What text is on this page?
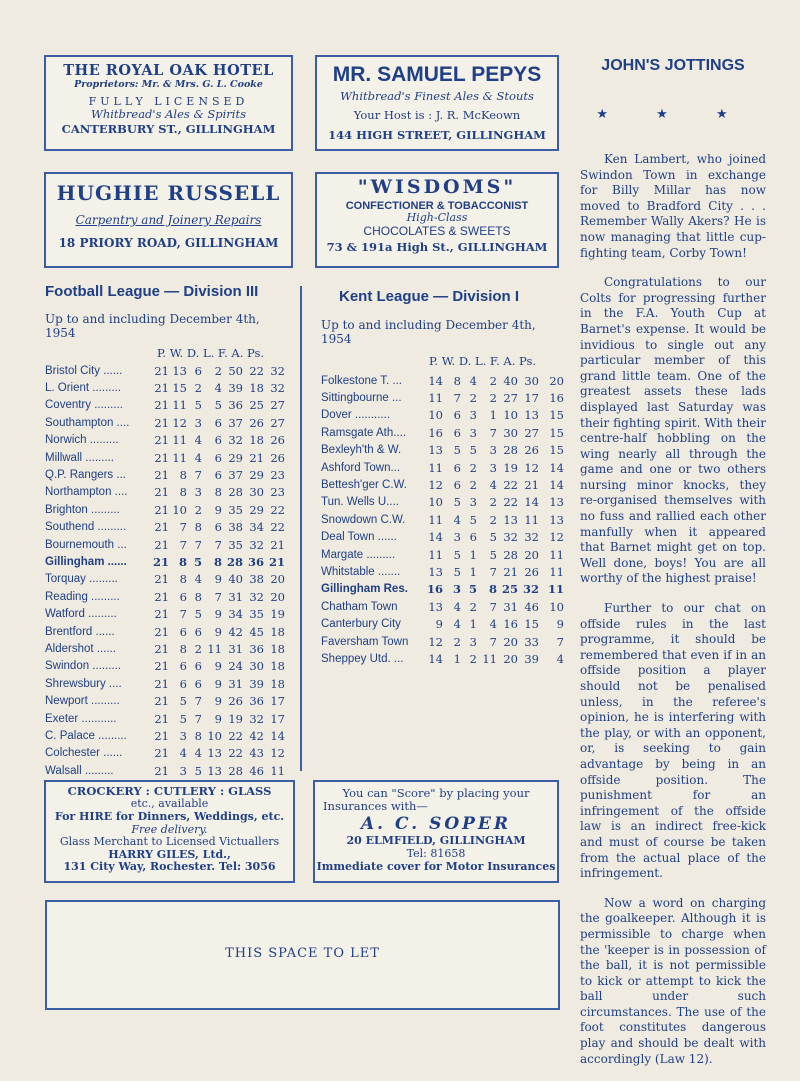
THE ROYAL OAK HOTEL
Proprietors: Mr. & Mrs. G. L. Cooke
FULLY LICENSED
Whitbread's Ales & Spirits
CANTERBURY ST., GILLINGHAM
MR. SAMUEL PEPYS
Whitbread's Finest Ales & Stouts
Your Host is : J. R. McKeown
144 HIGH STREET, GILLINGHAM
HUGHIE RUSSELL
Carpentry and Joinery Repairs
18 PRIORY ROAD, GILLINGHAM
"WISDOMS"
CONFECTIONER & TOBACCONIST
High-Class
CHOCOLATES & SWEETS
73 & 191a High St., GILLINGHAM
Football League — Division III
Up to and including December 4th, 1954
P. W. D. L. F. A. Ps.
Bristol City ......	21	13	6	2	50	22	32
L. Orient .........	21	15	2	4	39	18	32
Coventry .........	21	11	5	5	36	25	27
Southampton ....	21	12	3	6	37	26	27
Norwich .........	21	11	4	6	32	18	26
Millwall .........	21	11	4	6	29	21	26
Q.P. Rangers ...	21	8	7	6	37	29	23
Northampton ....	21	8	3	8	28	30	23
Brighton .........	21	10	2	9	35	29	22
Southend .........	21	7	8	6	38	34	22
Bournemouth ...	21	7	7	7	35	32	21
Gillingham ......	21	8	5	8	28	36	21
Torquay .........	21	8	4	9	40	38	20
Reading .........	21	6	8	7	31	32	20
Watford .........	21	7	5	9	34	35	19
Brentford ......	21	6	6	9	42	45	18
Aldershot ......	21	8	2	11	31	36	18
Swindon .........	21	6	6	9	24	30	18
Shrewsbury ....	21	6	6	9	31	39	18
Newport .........	21	5	7	9	26	36	17
Exeter ...........	21	5	7	9	19	32	17
C. Palace .........	21	3	8	10	22	42	14
Colchester ......	21	4	4	13	22	43	12
Walsall .........	21	3	5	13	28	46	11
Kent League — Division I
Up to and including December 4th, 1954
P. W. D. L. F. A. Ps.
Folkestone T. ...	14	8	4	2	40	30	20
Sittingbourne ...	11	7	2	2	27	17	16
Dover ...........	10	6	3	1	10	13	15
Ramsgate Ath....	16	6	3	7	30	27	15
Bexleyh'th & W.	13	5	5	3	28	26	15
Ashford Town...	11	6	2	3	19	12	14
Bettesh'ger C.W.	12	6	2	4	22	21	14
Tun. Wells U....	10	5	3	2	22	14	13
Snowdown C.W.	11	4	5	2	13	11	13
Deal Town ......	14	3	6	5	32	32	12
Margate .........	11	5	1	5	28	20	11
Whitstable .......	13	5	1	7	21	26	11
Gillingham Res.	16	3	5	8	25	32	11
Chatham Town	13	4	2	7	31	46	10
Canterbury City	9	4	1	4	16	15	9
Faversham Town	12	2	3	7	20	33	7
Sheppey Utd. ...	14	1	2	11	20	39	4
CROCKERY : CUTLERY : GLASS
etc., available
For HIRE for Dinners, Weddings, etc.
Free delivery.
Glass Merchant to Licensed Victuallers
HARRY GILES, Ltd.,
131 City Way, Rochester. Tel: 3056
You can "Score" by placing your
Insurances with—
A. C. SOPER
20 ELMFIELD, GILLINGHAM
Tel: 81658
Immediate cover for Motor Insurances
THIS SPACE TO LET
JOHN'S JOTTINGS
★ ★ ★

Ken Lambert, who joined Swindon Town in exchange for Billy Millar has now moved to Bradford City . . . Remember Wally Akers? He is now managing that little cup-fighting team, Corby Town!

Congratulations to our Colts for progressing further in the F.A. Youth Cup at Barnet's expense. It would be invidious to single out any particular member of this grand little team. One of the greatest assets these lads displayed last Saturday was their fighting spirit. With their centre-half hobbling on the wing nearly all through the game and one or two others nursing minor knocks, they re-organised themselves with no fuss and rallied each other manfully when it appeared that Barnet might get on top. Well done, boys! You are all worthy of the highest praise!

Further to our chat on offside rules in the last programme, it should be remembered that even if in an offside position a player should not be penalised unless, in the referee's opinion, he is interfering with the play, or with an opponent, or, is seeking to gain advantage by being in an offside position. The punishment for an infringement of the offside law is an indirect free-kick and must of course be taken from the actual place of the infringement.

Now a word on charging the goalkeeper. Although it is permissible to charge when the 'keeper is in possession of the ball, it is not permissible to kick or attempt to kick the ball under such circumstances. The use of the foot constitutes dangerous play and should be dealt with accordingly (Law 12).
